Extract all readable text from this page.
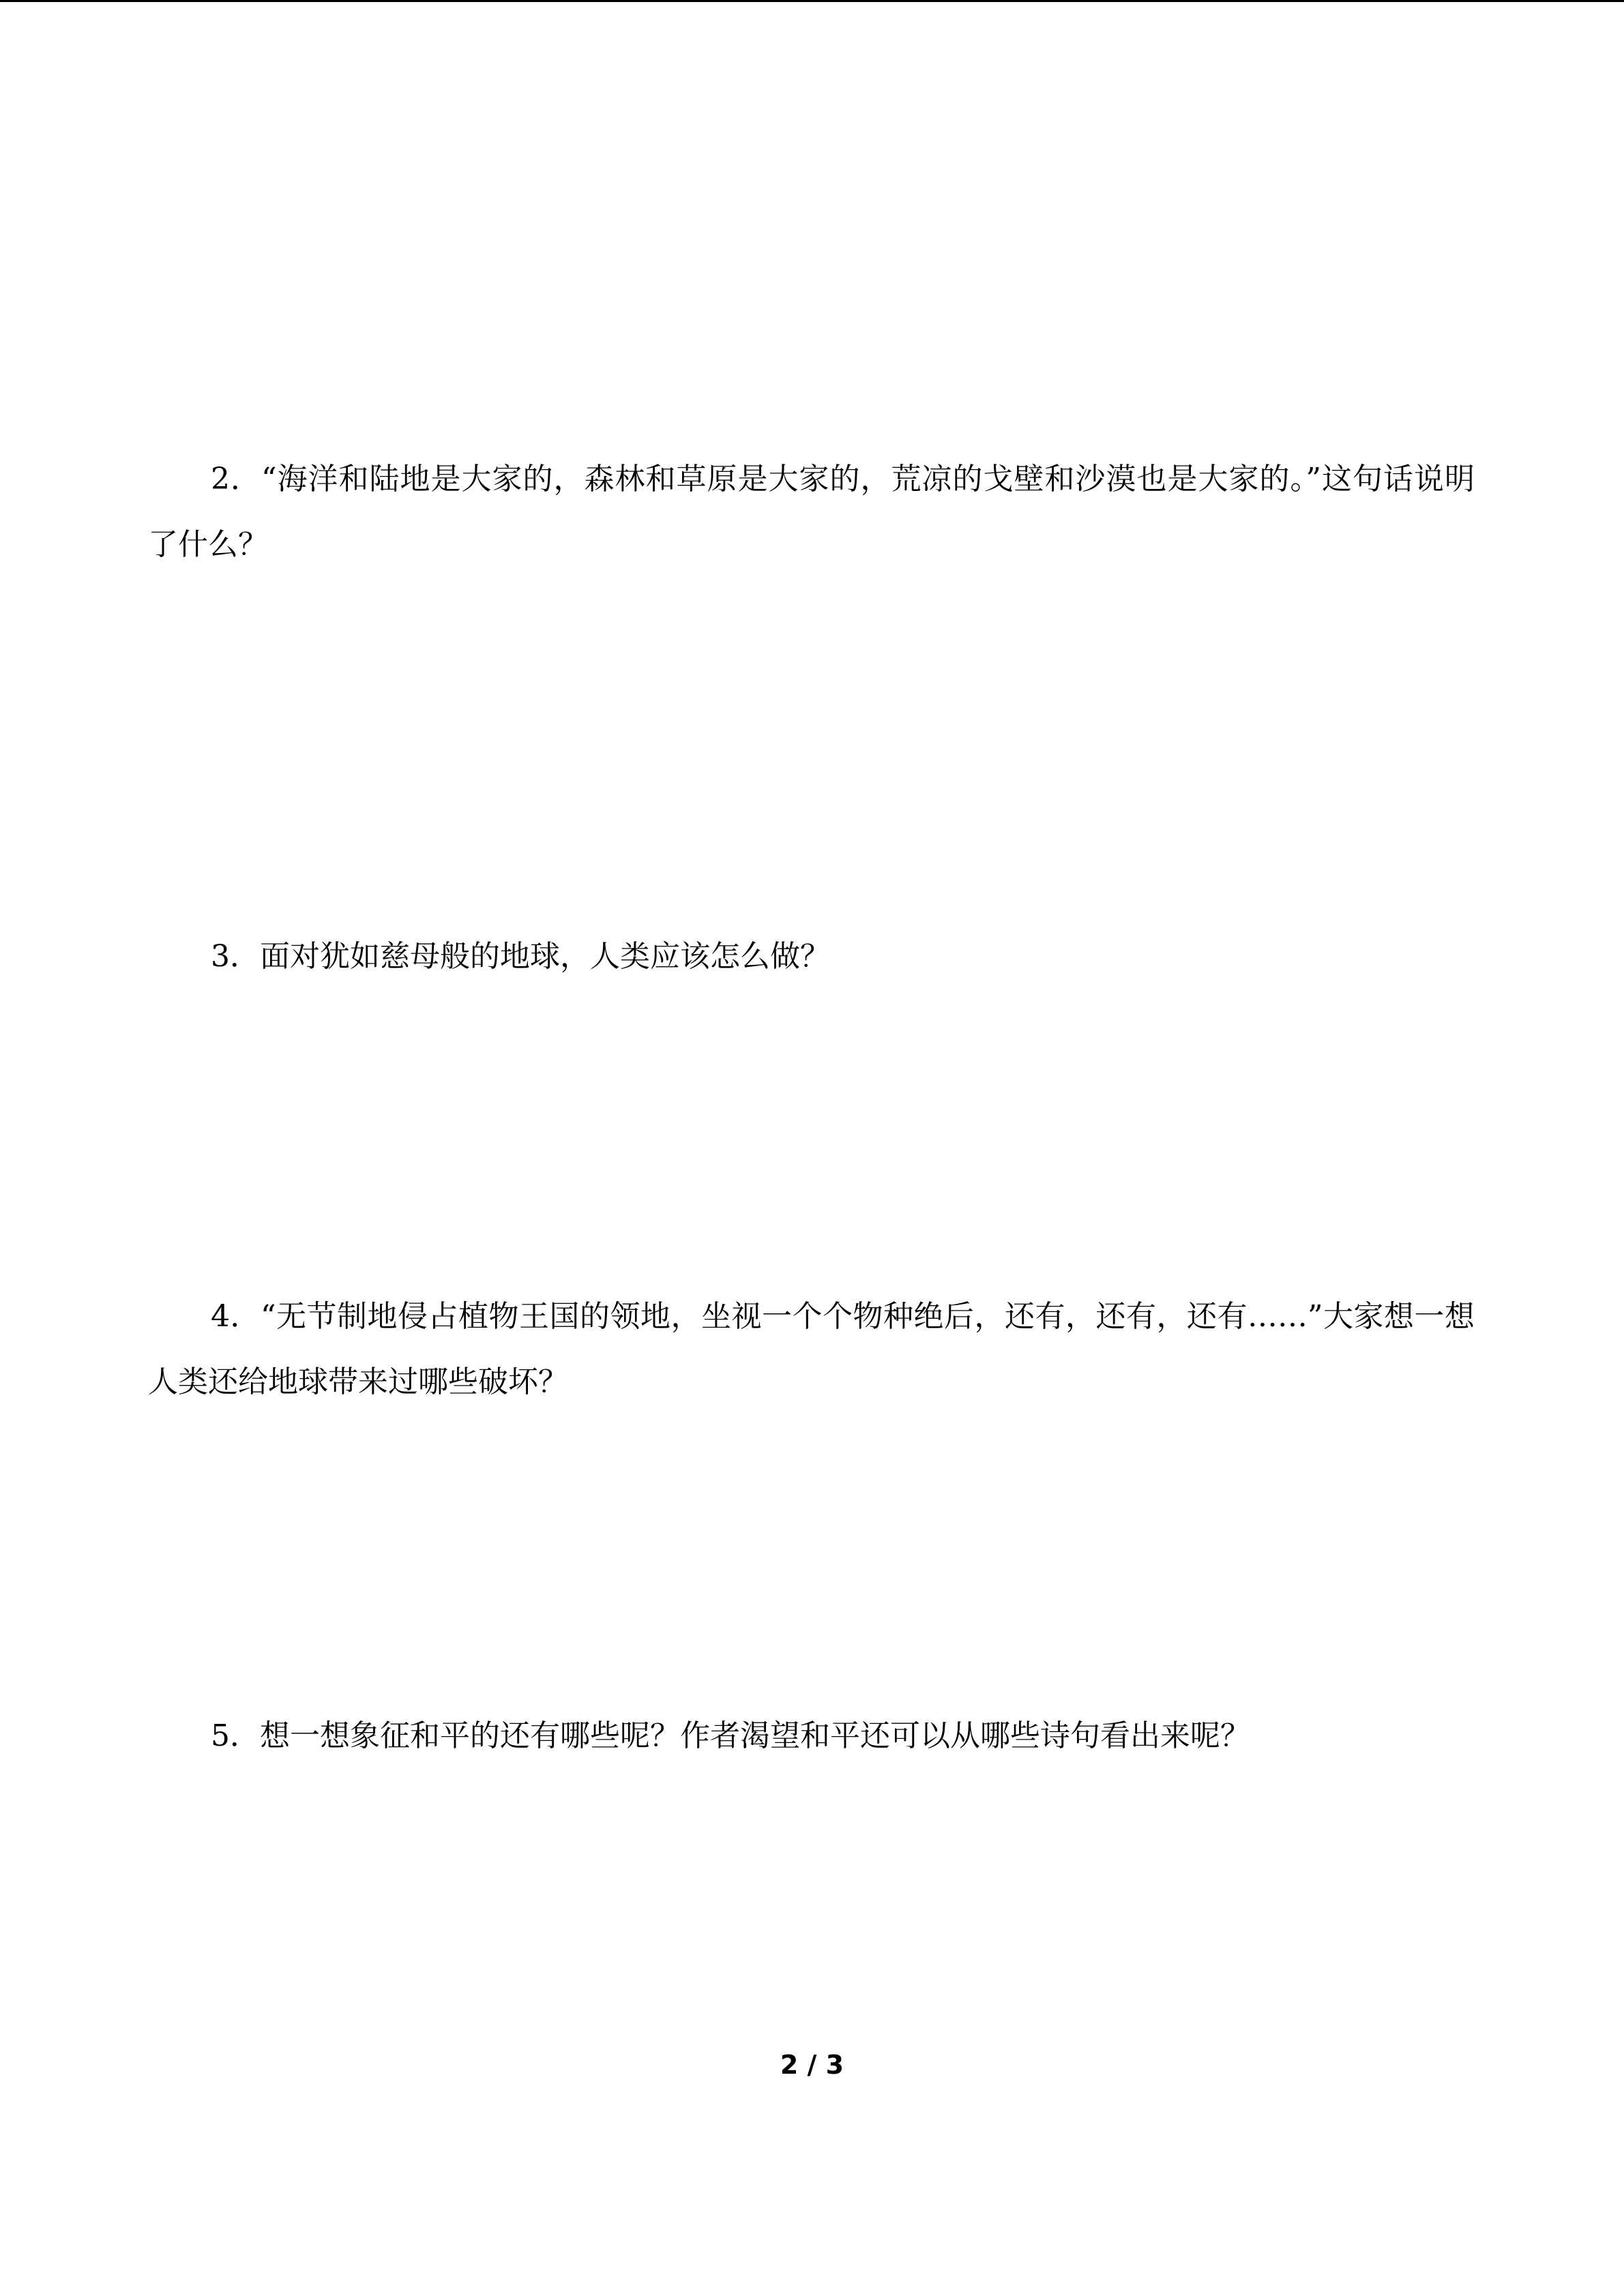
2．“海洋和陆地是大家的，森林和草原是大家的，荒凉的戈壁和沙漠也是大家的。”这句话说明了什么？

3．面对犹如慈母般的地球，人类应该怎么做？

4．“无节制地侵占植物王国的领地，坐视一个个物种绝后，还有，还有，还有……”大家想一想人类还给地球带来过哪些破坏？

5．想一想象征和平的还有哪些呢？作者渴望和平还可以从哪些诗句看出来呢？

2 / 3
